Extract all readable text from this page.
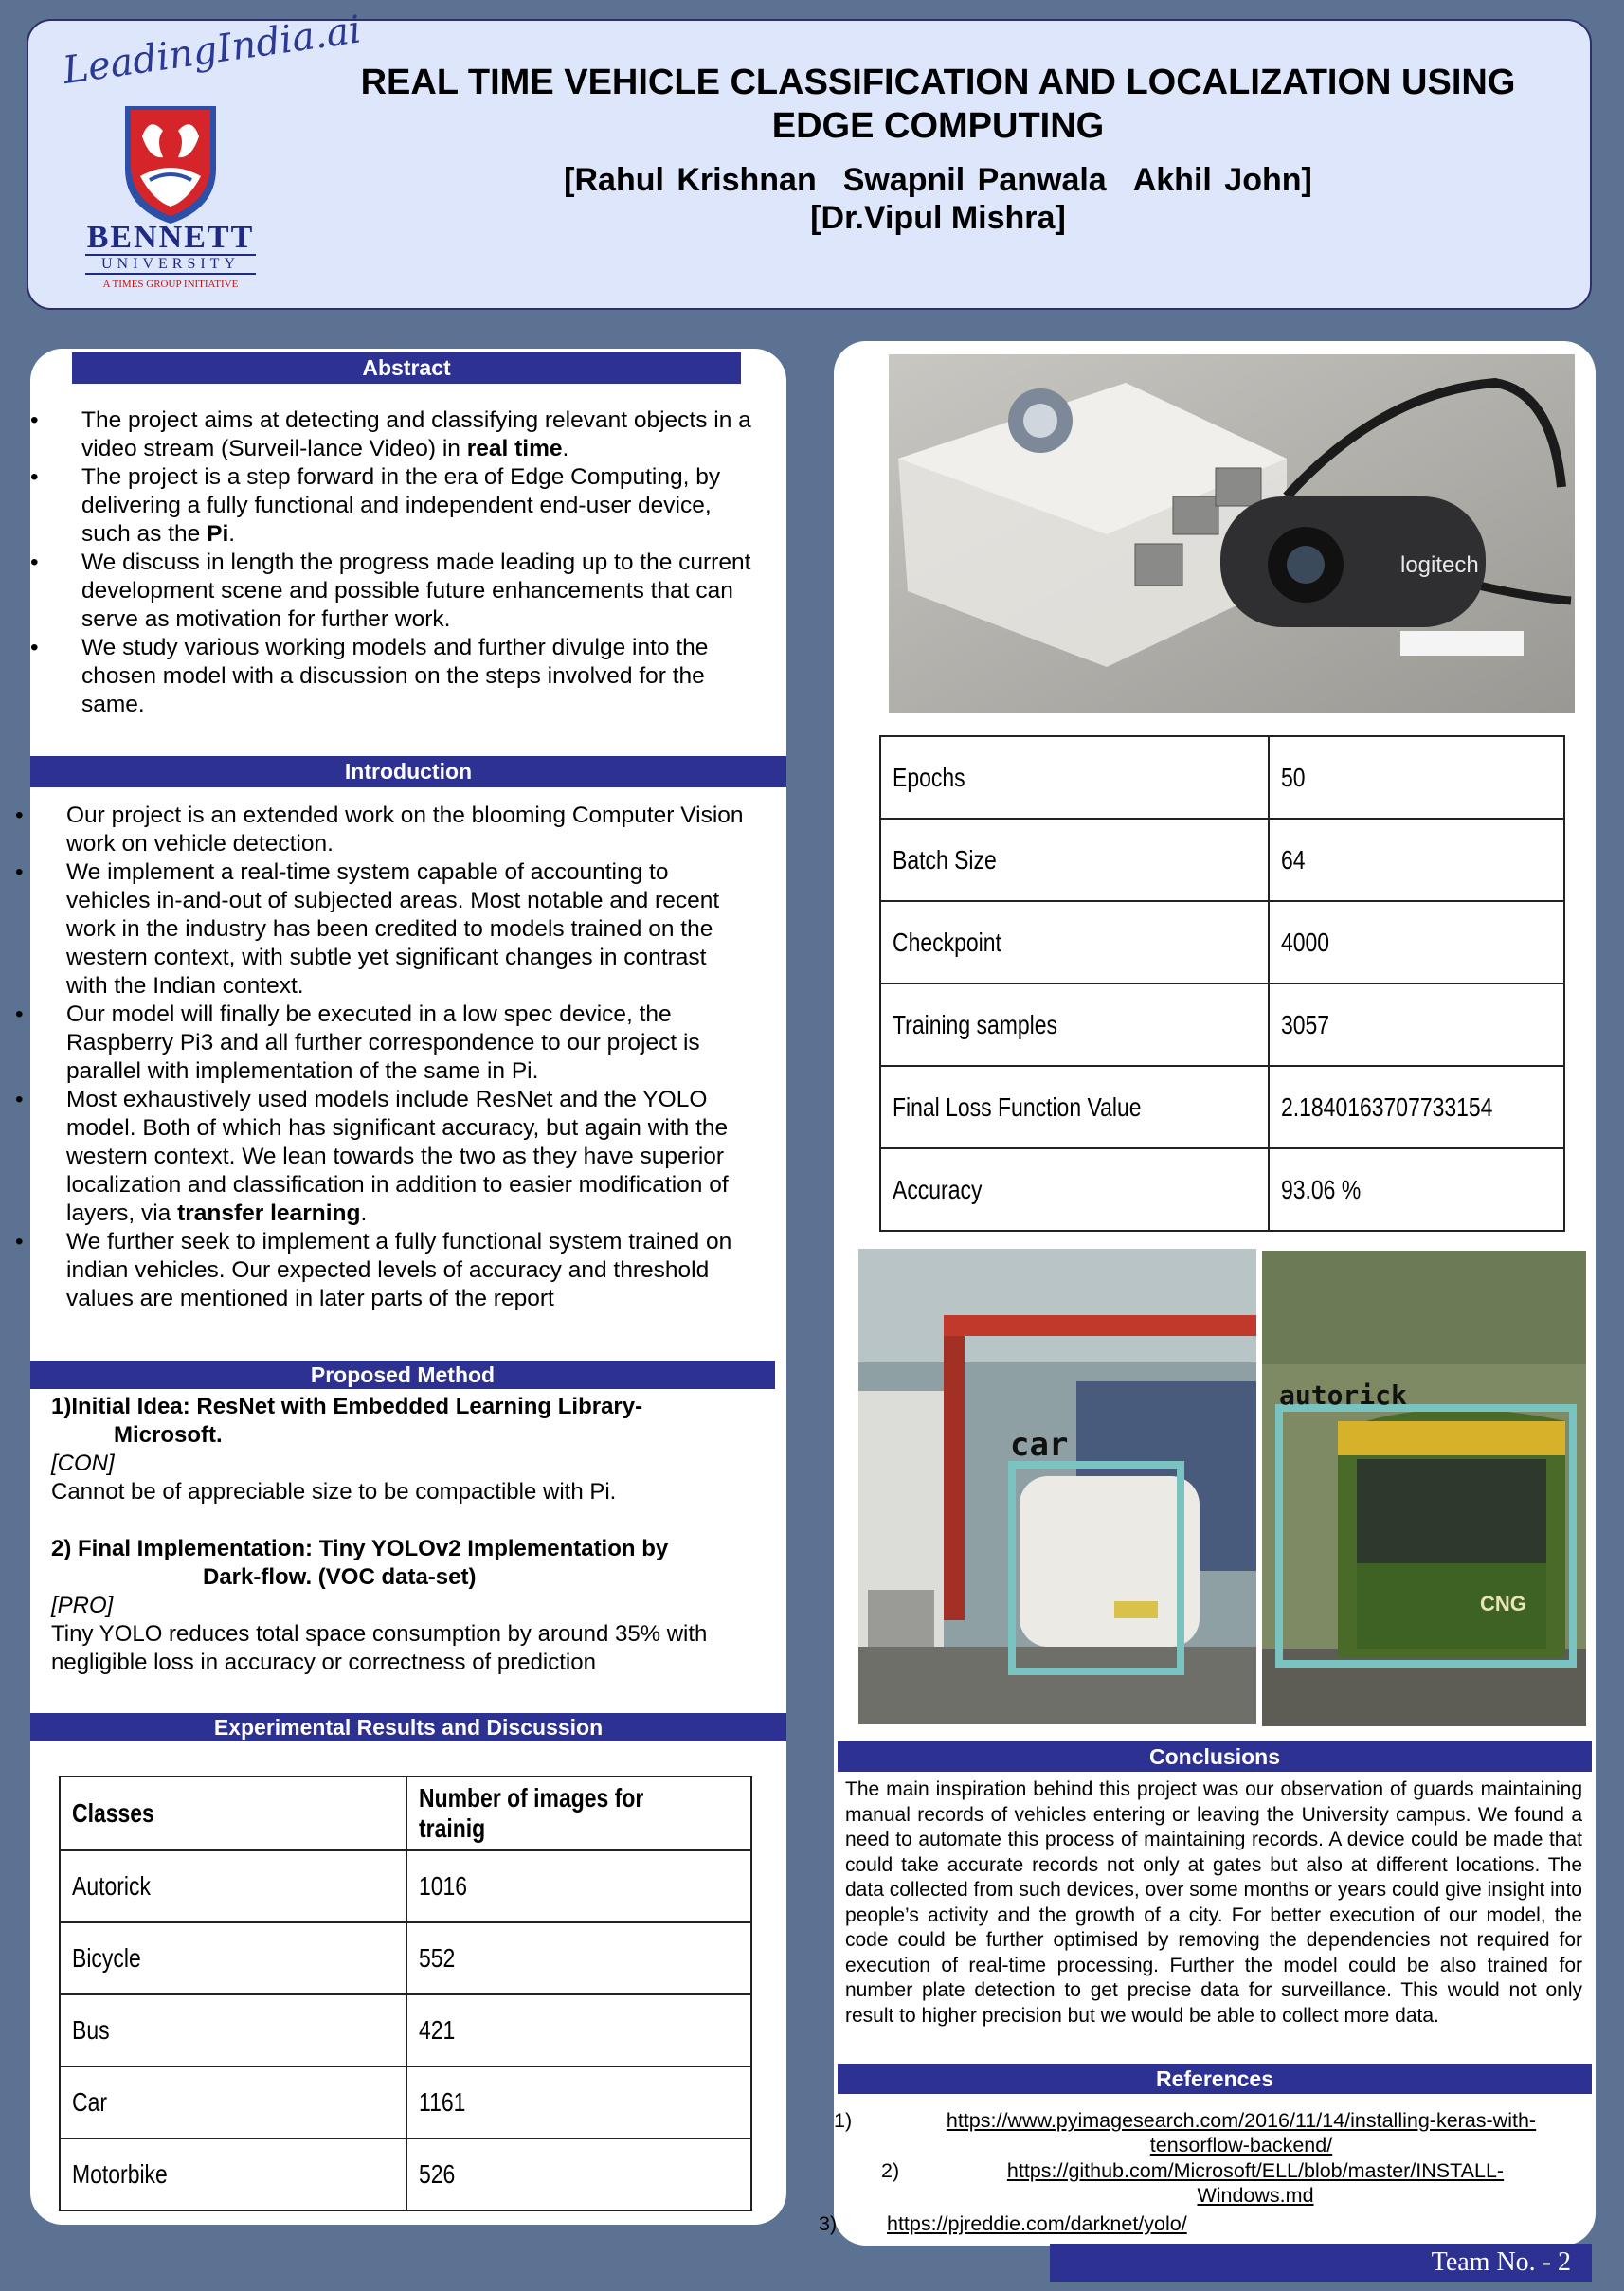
LeadingIndia.ai
BENNETT
UNIVERSITY
A TIMES GROUP INITIATIVE
REAL TIME VEHICLE CLASSIFICATION AND LOCALIZATION USING
EDGE COMPUTING
[Rahul Krishnan Swapnil Panwala Akhil John]
[Dr.Vipul Mishra]
Abstract
• The project aims at detecting and classifying relevant objects in a video stream (Surveil-lance Video) in real time.
• The project is a step forward in the era of Edge Computing, by delivering a fully functional and independent end-user device, such as the Pi.
• We discuss in length the progress made leading up to the current development scene and possible future enhancements that can serve as motivation for further work.
• We study various working models and further divulge into the chosen model with a discussion on the steps involved for the same.
Introduction
• Our project is an extended work on the blooming Computer Vision work on vehicle detection.
• We implement a real-time system capable of accounting to vehicles in-and-out of subjected areas. Most notable and recent work in the industry has been credited to models trained on the western context, with subtle yet significant changes in contrast with the Indian context.
• Our model will finally be executed in a low spec device, the Raspberry Pi3 and all further correspondence to our project is parallel with implementation of the same in Pi.
• Most exhaustively used models include ResNet and the YOLO model. Both of which has significant accuracy, but again with the western context. We lean towards the two as they have superior localization and classification in addition to easier modification of layers, via transfer learning.
• We further seek to implement a fully functional system trained on indian vehicles. Our expected levels of accuracy and threshold values are mentioned in later parts of the report
Proposed Method
1)Initial Idea: ResNet with Embedded Learning Library-
Microsoft.
[CON]
Cannot be of appreciable size to be compactible with Pi.
2) Final Implementation: Tiny YOLOv2 Implementation by
Dark-flow. (VOC data-set)
[PRO]
Tiny YOLO reduces total space consumption by around 35% with negligible loss in accuracy or correctness of prediction
Experimental Results and Discussion
Classes	Number of images for trainig
Autorick	1016
Bicycle	552
Bus	421
Car	1161
Motorbike	526
logitech
Epochs	50
Batch Size	64
Checkpoint	4000
Training samples	3057
Final Loss Function Value	2.1840163707733154
Accuracy	93.06 %
car
CNG
autorick
Conclusions
The main inspiration behind this project was our observation of guards maintaining manual records of vehicles entering or leaving the University campus. We found a need to automate this process of maintaining records. A device could be made that could take accurate records not only at gates but also at different locations. The data collected from such devices, over some months or years could give insight into people’s activity and the growth of a city. For better execution of our model, the code could be further optimised by removing the dependencies not required for execution of real-time processing. Further the model could be also trained for number plate detection to get precise data for surveillance. This would not only result to higher precision but we would be able to collect more data.
References
1)	https://www.pyimagesearch.com/2016/11/14/installing-keras-with-
tensorflow-backend/
2)	https://github.com/Microsoft/ELL/blob/master/INSTALL-
Windows.md
3) https://pjreddie.com/darknet/yolo/
Team No. - 2
